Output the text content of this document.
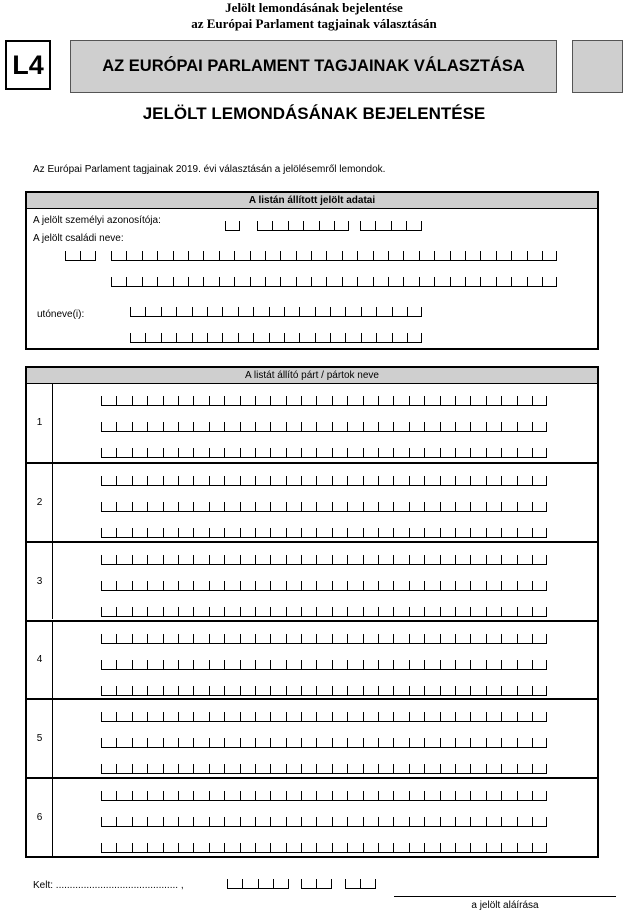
Jelölt lemondásának bejelentése
az Európai Parlament tagjainak választásán
L4	AZ EURÓPAI PARLAMENT TAGJAINAK VÁLASZTÁSA
JELÖLT LEMONDÁSÁNAK BEJELENTÉSE
Az Európai Parlament tagjainak 2019. évi választásán a jelölésemről lemondok.
A listán állított jelölt adatai
A jelölt személyi azonosítója:
A jelölt családi neve:
utóneve(i):
A listát állító párt / pártok neve
1
2
3
4
5
6
Kelt: ............................................ ,
a jelölt aláírása
